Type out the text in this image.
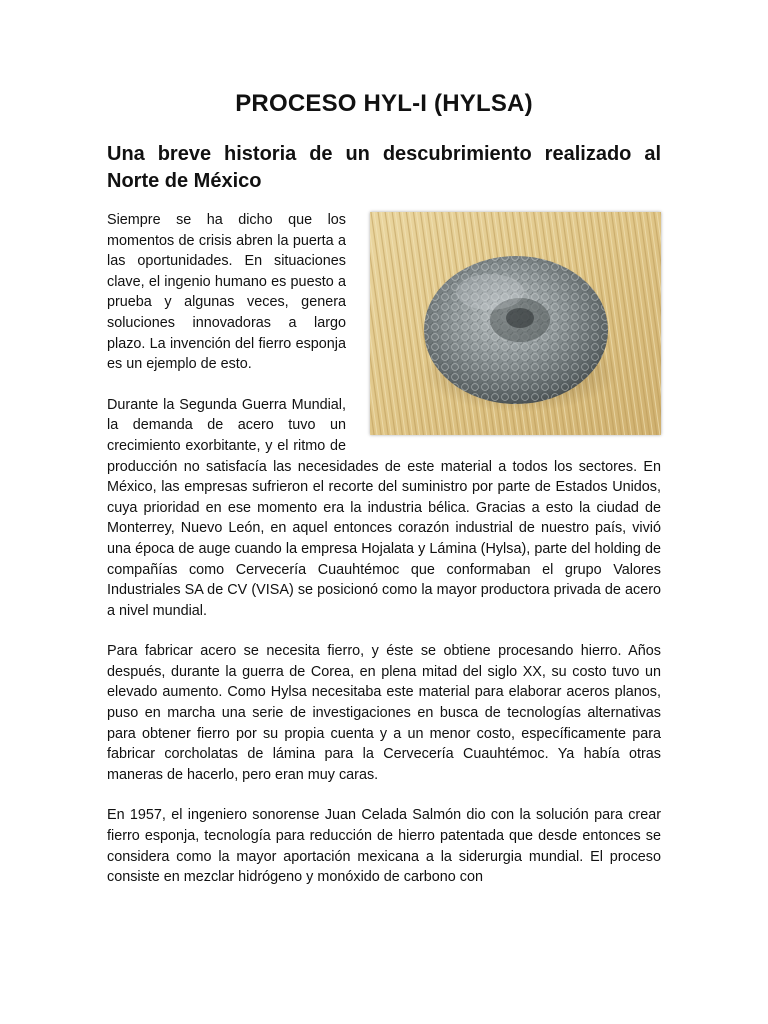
PROCESO HYL-I (HYLSA)
Una breve historia de un descubrimiento realizado al Norte de México

Siempre se ha dicho que los momentos de crisis abren la puerta a las oportunidades. En situaciones clave, el ingenio humano es puesto a prueba y algunas veces, genera soluciones innovadoras a largo plazo. La invención del fierro esponja es un ejemplo de esto.

Durante la Segunda Guerra Mundial, la demanda de acero tuvo un crecimiento exorbitante, y el ritmo de producción no satisfacía las necesidades de este material a todos los sectores. En México, las empresas sufrieron el recorte del suministro por parte de Estados Unidos, cuya prioridad en ese momento era la industria bélica. Gracias a esto la ciudad de Monterrey, Nuevo León, en aquel entonces corazón industrial de nuestro país, vivió una época de auge cuando la empresa Hojalata y Lámina (Hylsa), parte del holding de compañías como Cervecería Cuauhtémoc que conformaban el grupo Valores Industriales SA de CV (VISA) se posicionó como la mayor productora privada de acero a nivel mundial.

Para fabricar acero se necesita fierro, y éste se obtiene procesando hierro. Años después, durante la guerra de Corea, en plena mitad del siglo XX, su costo tuvo un elevado aumento. Como Hylsa necesitaba este material para elaborar aceros planos, puso en marcha una serie de investigaciones en busca de tecnologías alternativas para obtener fierro por su propia cuenta y a un menor costo, específicamente para fabricar corcholatas de lámina para la Cervecería Cuauhtémoc. Ya había otras maneras de hacerlo, pero eran muy caras.

En 1957, el ingeniero sonorense Juan Celada Salmón dio con la solución para crear fierro esponja, tecnología para reducción de hierro patentada que desde entonces se considera como la mayor aportación mexicana a la siderurgia mundial. El proceso consiste en mezclar hidrógeno y monóxido de carbono con
